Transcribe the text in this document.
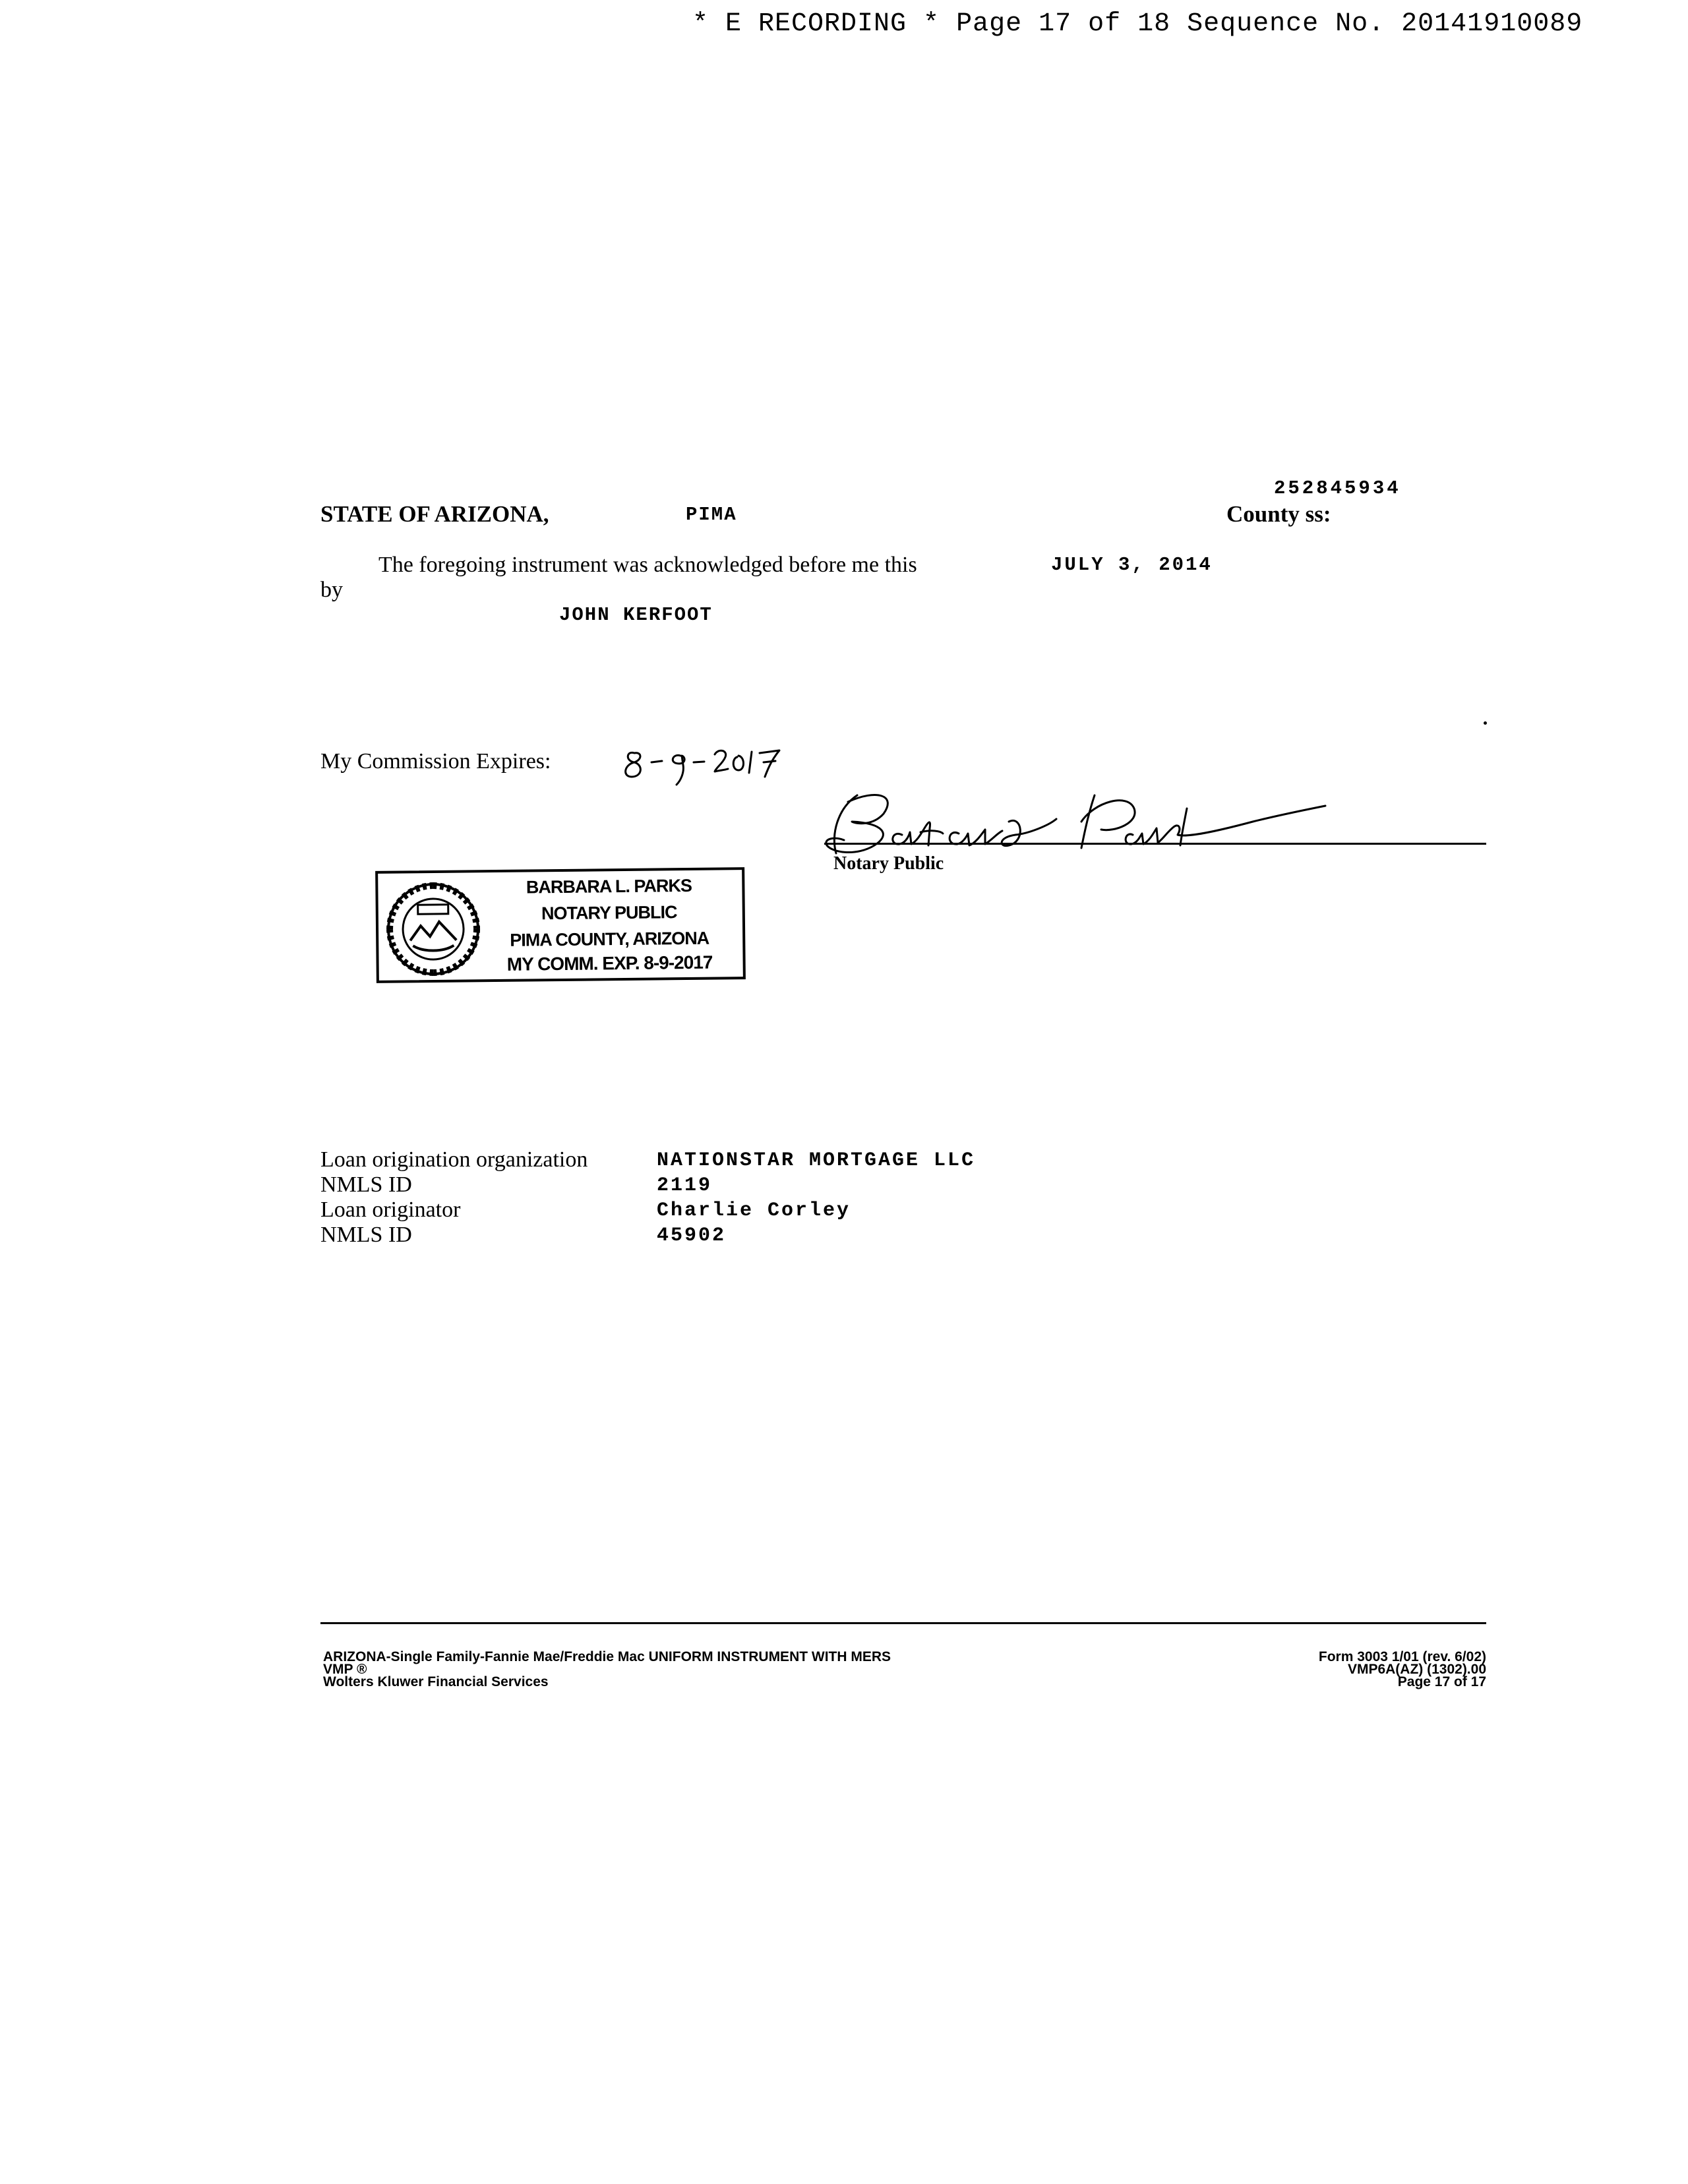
* E RECORDING * Page 17 of 18 Sequence No. 20141910089
252845934
STATE OF ARIZONA,	PIMA	County ss:
The foregoing instrument was acknowledged before me this	JULY 3, 2014
by
JOHN KERFOOT
My Commission Expires:
Notary Public
BARBARA L. PARKS
NOTARY PUBLIC
PIMA COUNTY, ARIZONA
MY COMM. EXP. 8-9-2017
Loan origination organization	NATIONSTAR MORTGAGE LLC
NMLS ID	2119
Loan originator	Charlie Corley
NMLS ID	45902
ARIZONA-Single Family-Fannie Mae/Freddie Mac UNIFORM INSTRUMENT WITH MERS
VMP ®
Wolters Kluwer Financial Services
Form 3003 1/01 (rev. 6/02)
VMP6A(AZ) (1302).00
Page 17 of 17
